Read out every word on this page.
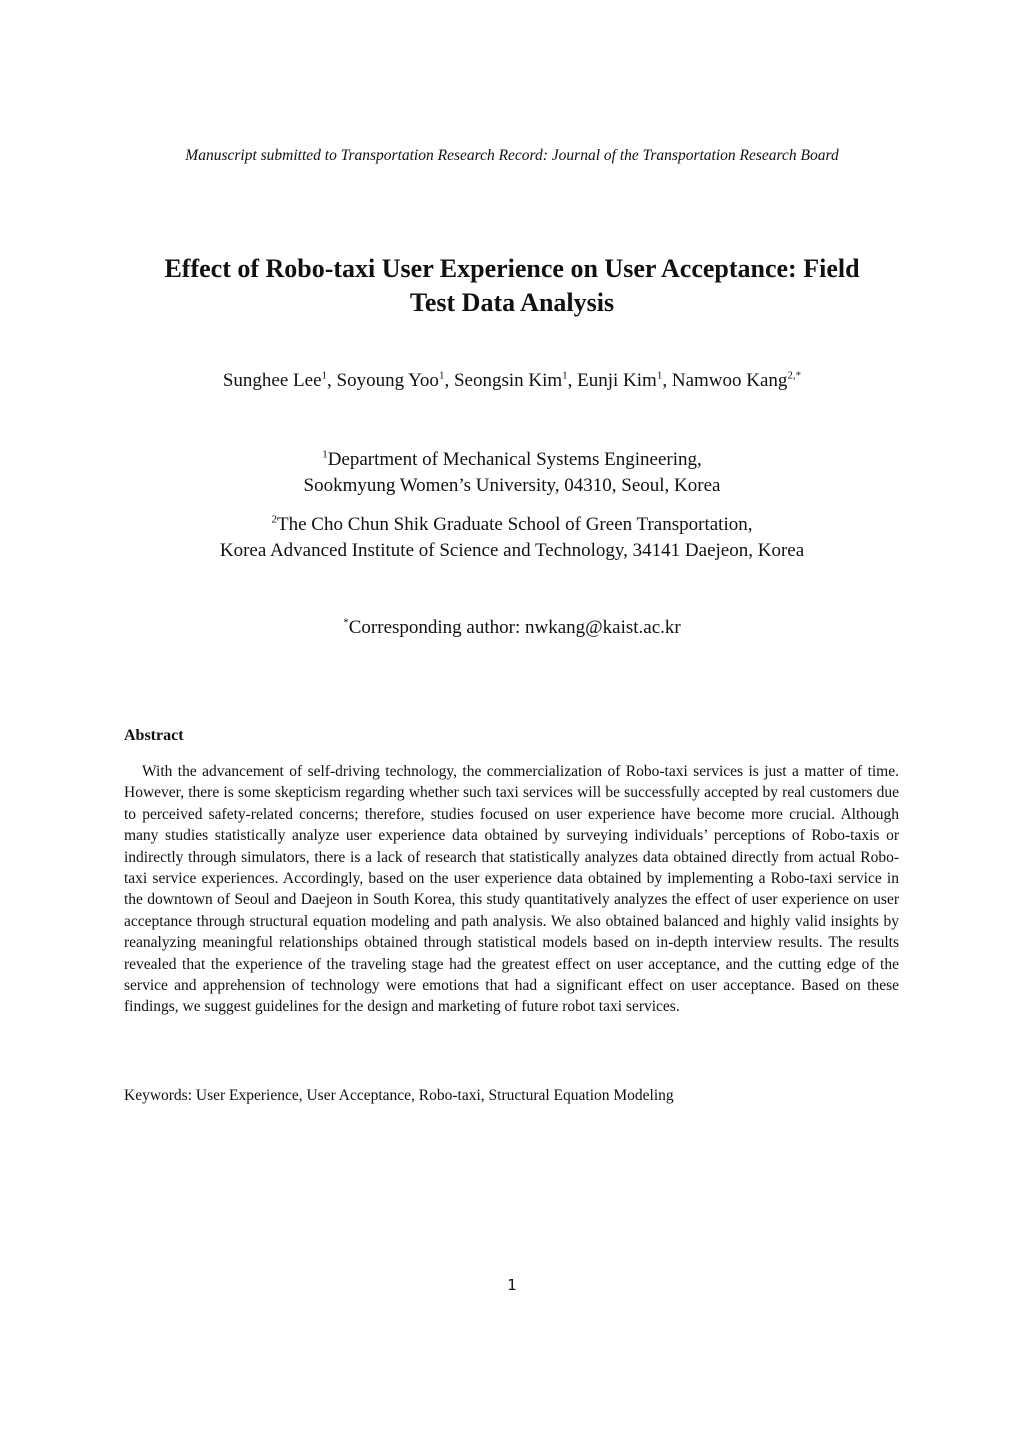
Manuscript submitted to Transportation Research Record: Journal of the Transportation Research Board
Effect of Robo-taxi User Experience on User Acceptance: Field
Test Data Analysis
Sunghee Lee$^1$, Soyoung Yoo$^1$, Seongsin Kim$^1$, Eunji Kim$^1$, Namwoo Kang$^{2,*}$
$^1$Department of Mechanical Systems Engineering,
Sookmyung Women’s University, 04310, Seoul, Korea
$^2$The Cho Chun Shik Graduate School of Green Transportation,
Korea Advanced Institute of Science and Technology, 34141 Daejeon, Korea
*Corresponding author: nwkang@kaist.ac.kr
Abstract

With the advancement of self-driving technology, the commercialization of Robo-taxi services is just a matter of time. However, there is some skepticism regarding whether such taxi services will be successfully accepted by real customers due to perceived safety-related concerns; therefore, studies focused on user experience have become more crucial. Although many studies statistically analyze user experience data obtained by surveying individuals’ perceptions of Robo-taxis or indirectly through simulators, there is a lack of research that statistically analyzes data obtained directly from actual Robo-taxi service experiences. Accordingly, based on the user experience data obtained by implementing a Robo-taxi service in the downtown of Seoul and Daejeon in South Korea, this study quantitatively analyzes the effect of user experience on user acceptance through structural equation modeling and path analysis. We also obtained balanced and highly valid insights by reanalyzing meaningful relationships obtained through statistical models based on in-depth interview results. The results revealed that the experience of the traveling stage had the greatest effect on user acceptance, and the cutting edge of the service and apprehension of technology were emotions that had a significant effect on user acceptance. Based on these findings, we suggest guidelines for the design and marketing of future robot taxi services.

Keywords: User Experience, User Acceptance, Robo-taxi, Structural Equation Modeling
1
